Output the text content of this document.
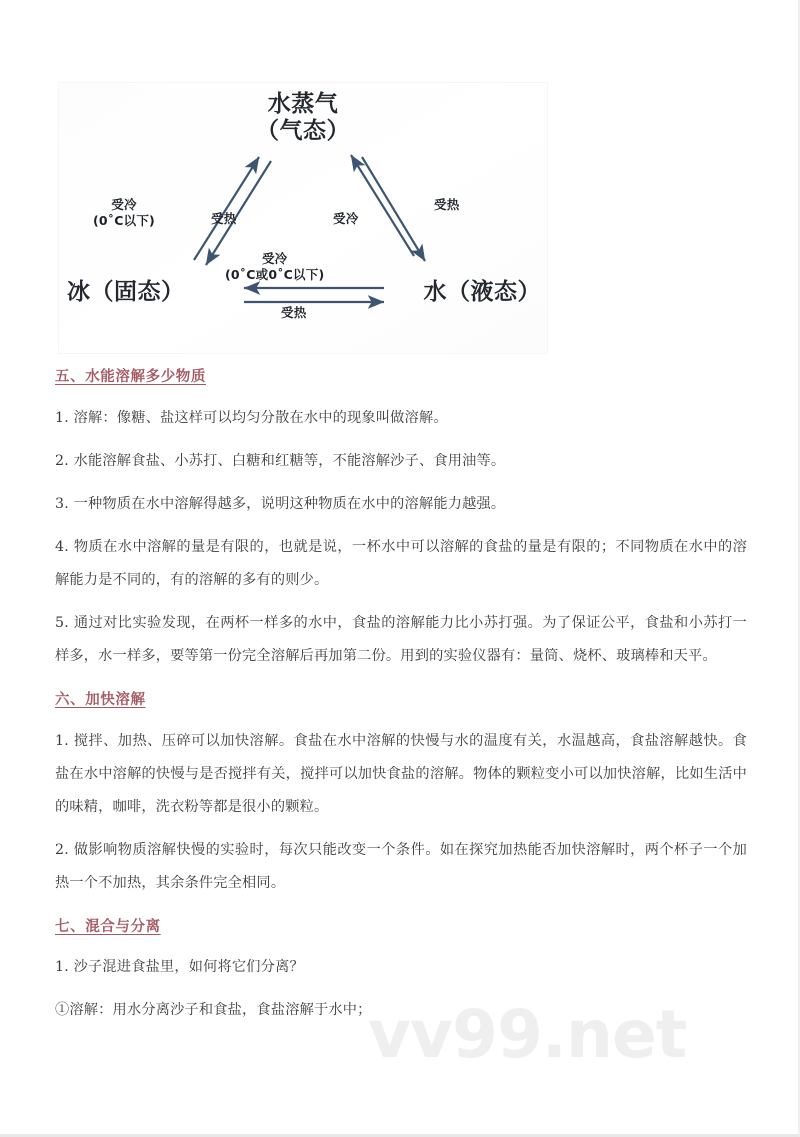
水蒸气
（气态）
冰（固态）	水（液态）
受冷
(0˚C以下)	受热	受冷
受热
受冷
(0˚C或0˚C以下)
受热
五、水能溶解多少物质

1. 溶解：像糖、盐这样可以均匀分散在水中的现象叫做溶解。

2. 水能溶解食盐、小苏打、白糖和红糖等，不能溶解沙子、食用油等。

3. 一种物质在水中溶解得越多，说明这种物质在水中的溶解能力越强。

4. 物质在水中溶解的量是有限的，也就是说，一杯水中可以溶解的食盐的量是有限的；不同物质在水中的溶解能力是不同的，有的溶解的多有的则少。

5. 通过对比实验发现，在两杯一样多的水中，食盐的溶解能力比小苏打强。为了保证公平，食盐和小苏打一样多，水一样多，要等第一份完全溶解后再加第二份。用到的实验仪器有：量筒、烧杯、玻璃棒和天平。

六、加快溶解

1. 搅拌、加热、压碎可以加快溶解。食盐在水中溶解的快慢与水的温度有关，水温越高，食盐溶解越快。食盐在水中溶解的快慢与是否搅拌有关，搅拌可以加快食盐的溶解。物体的颗粒变小可以加快溶解，比如生活中的味精，咖啡，洗衣粉等都是很小的颗粒。

2. 做影响物质溶解快慢的实验时，每次只能改变一个条件。如在探究加热能否加快溶解时，两个杯子一个加热一个不加热，其余条件完全相同。

七、混合与分离

1. 沙子混进食盐里，如何将它们分离？

①溶解：用水分离沙子和食盐，食盐溶解于水中；

vv99.net
